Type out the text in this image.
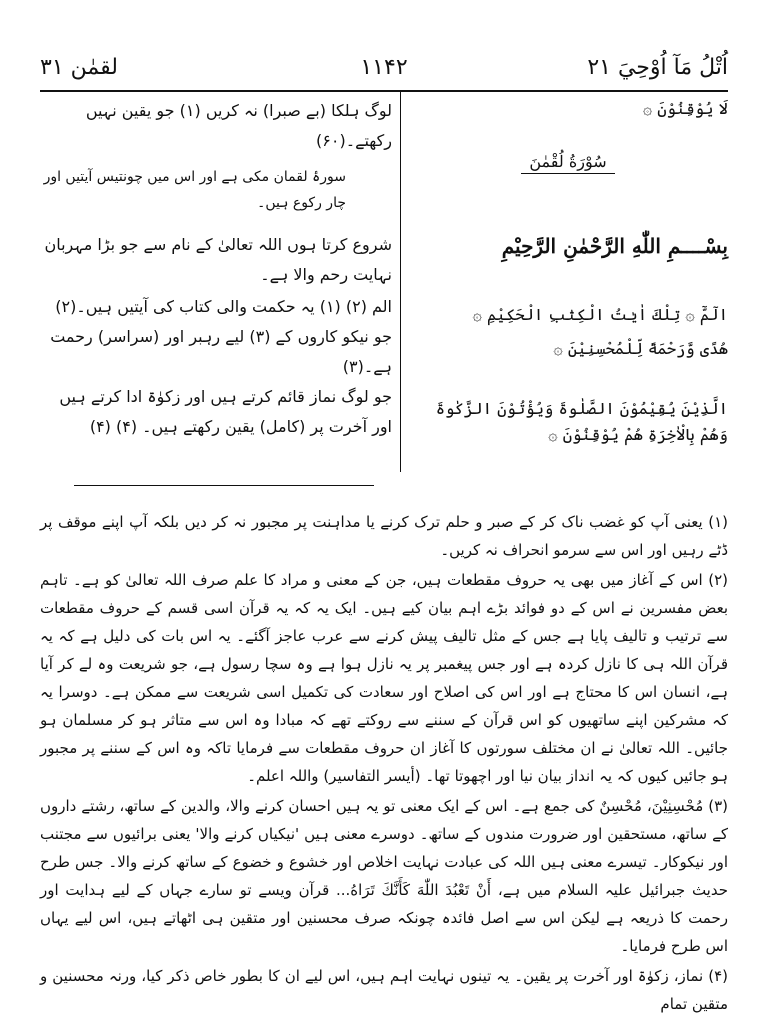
اُتْلُ مَآ اُوْحِيَ ۲۱
۱۱۴۲
لقمٰن ۳۱
لَا يُوْقِنُوْنَ ۞
سُوْرَةُ لُقْمٰنَ
بِسْــــمِ اللّٰهِ الرَّحْمٰنِ الرَّحِيْمِ
الٓمّٓ ۞ تِلْكَ اٰيٰتُ الْكِتٰبِ الْحَكِيْمِ ۞
هُدًى وَّرَحْمَةً لِّلْمُحْسِنِيْنَ ۞
الَّذِيْنَ يُقِيْمُوْنَ الصَّلٰوةَ وَيُؤْتُوْنَ الزَّكٰوةَ وَهُمْ بِالْاٰخِرَةِ هُمْ يُوْقِنُوْنَ ۞

لوگ ہلکا (بے صبرا) نہ کریں (۱) جو یقین نہیں رکھتے۔(۶۰)

سورۂ لقمان مکی ہے اور اس میں چونتیس آیتیں اور چار رکوع ہیں۔

شروع کرتا ہوں اللہ تعالیٰ کے نام سے جو بڑا مہربان نہایت رحم والا ہے۔

الم (۲) (۱) یہ حکمت والی کتاب کی آیتیں ہیں۔(۲)

جو نیکو کاروں کے (۳) لیے رہبر اور (سراسر) رحمت ہے۔(۳)

جو لوگ نماز قائم کرتے ہیں اور زکوٰۃ ادا کرتے ہیں اور آخرت پر (کامل) یقین رکھتے ہیں۔ (۴) (۴)

(۱) یعنی آپ کو غضب ناک کر کے صبر و حلم ترک کرنے یا مداہنت پر مجبور نہ کر دیں بلکہ آپ اپنے موقف پر ڈٹے رہیں اور اس سے سرمو انحراف نہ کریں۔

(۲) اس کے آغاز میں بھی یہ حروف مقطعات ہیں، جن کے معنی و مراد کا علم صرف اللہ تعالیٰ کو ہے۔ تاہم بعض مفسرین نے اس کے دو فوائد بڑے اہم بیان کیے ہیں۔ ایک یہ کہ یہ قرآن اسی قسم کے حروف مقطعات سے ترتیب و تالیف پایا ہے جس کے مثل تالیف پیش کرنے سے عرب عاجز آگئے۔ یہ اس بات کی دلیل ہے کہ یہ قرآن اللہ ہی کا نازل کردہ ہے اور جس پیغمبر پر یہ نازل ہوا ہے وہ سچا رسول ہے، جو شریعت وہ لے کر آیا ہے، انسان اس کا محتاج ہے اور اس کی اصلاح اور سعادت کی تکمیل اسی شریعت سے ممکن ہے۔ دوسرا یہ کہ مشرکین اپنے ساتھیوں کو اس قرآن کے سننے سے روکتے تھے کہ مبادا وہ اس سے متاثر ہو کر مسلمان ہو جائیں۔ اللہ تعالیٰ نے ان مختلف سورتوں کا آغاز ان حروف مقطعات سے فرمایا تاکہ وہ اس کے سننے پر مجبور ہو جائیں کیوں کہ یہ انداز بیان نیا اور اچھوتا تھا۔ (أیسر التفاسیر) واللہ اعلم۔

(۳) مُحْسِنِيْنَ، مُحْسِنٌ کی جمع ہے۔ اس کے ایک معنی تو یہ ہیں احسان کرنے والا، والدین کے ساتھ، رشتے داروں کے ساتھ، مستحقین اور ضرورت مندوں کے ساتھ۔ دوسرے معنی ہیں 'نیکیاں کرنے والا' یعنی برائیوں سے مجتنب اور نیکوکار۔ تیسرے معنی ہیں اللہ کی عبادت نہایت اخلاص اور خشوع و خضوع کے ساتھ کرنے والا۔ جس طرح حدیث جبرائیل علیہ السلام میں ہے، أَنْ تَعْبُدَ اللّٰهَ كَأَنَّكَ تَرَاهُ... قرآن ویسے تو سارے جہاں کے لیے ہدایت اور رحمت کا ذریعہ ہے لیکن اس سے اصل فائدہ چونکہ صرف محسنین اور متقین ہی اٹھاتے ہیں، اس لیے یہاں اس طرح فرمایا۔

(۴) نماز، زکوٰۃ اور آخرت پر یقین۔ یہ تینوں نہایت اہم ہیں، اس لیے ان کا بطور خاص ذکر کیا، ورنہ محسنین و متقین تمام
